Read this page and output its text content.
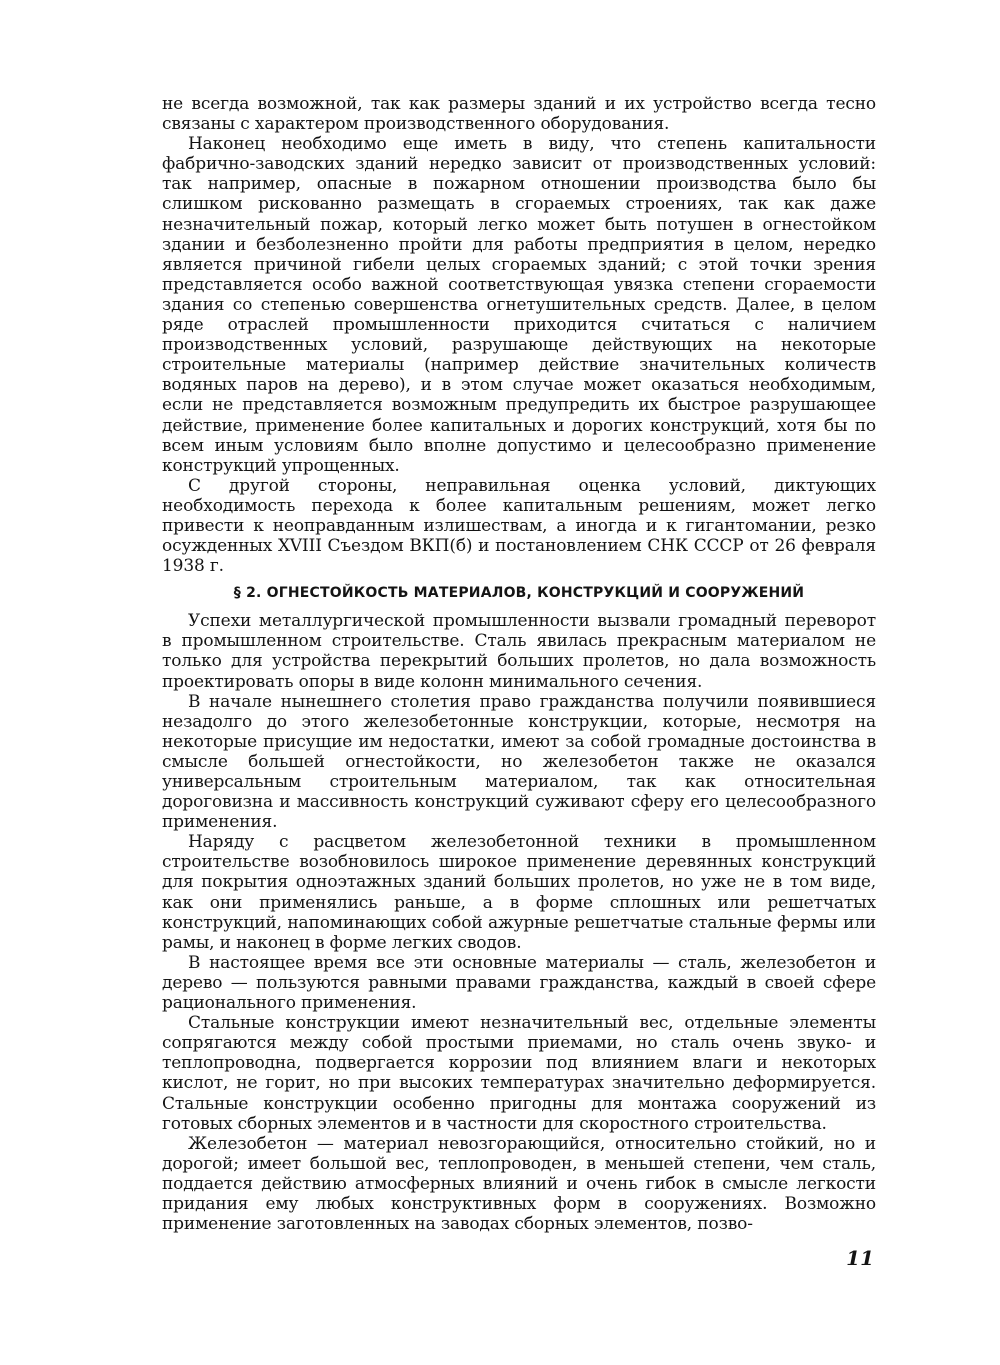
не всегда возможной, так как размеры зданий и их устройство всегда тесно связаны с характером производственного оборудования.

Наконец необходимо еще иметь в виду, что степень капитальности фабрично-заводских зданий нередко зависит от производственных условий: так например, опасные в пожарном отношении производства было бы слишком рискованно размещать в сгораемых строениях, так как даже незначительный пожар, который легко может быть потушен в огнестойком здании и безболезненно пройти для работы предприятия в целом, нередко является причиной гибели целых сгораемых зданий; с этой точки зрения представляется особо важной соответствующая увязка степени сгораемости здания со степенью совершенства огнетушительных средств. Далее, в целом ряде отраслей промышленности приходится считаться с наличием производственных условий, разрушающе действующих на некоторые строительные материалы (например действие значительных количеств водяных паров на дерево), и в этом случае может оказаться необходимым, если не представляется возможным предупредить их быстрое разрушающее действие, применение более капитальных и дорогих конструкций, хотя бы по всем иным условиям было вполне допустимо и целесообразно применение конструкций упрощенных.

С другой стороны, неправильная оценка условий, диктующих необходимость перехода к более капитальным решениям, может легко привести к неоправданным излишествам, а иногда и к гигантомании, резко осужденных XVIII Съездом ВКП(б) и постановлением СНК СССР от 26 февраля 1938 г.

§ 2. ОГНЕСТОЙКОСТЬ МАТЕРИАЛОВ, КОНСТРУКЦИЙ И СООРУЖЕНИЙ

Успехи металлургической промышленности вызвали громадный переворот в промышленном строительстве. Сталь явилась прекрасным материалом не только для устройства перекрытий больших пролетов, но дала возможность проектировать опоры в виде колонн минимального сечения.

В начале нынешнего столетия право гражданства получили появившиеся незадолго до этого железобетонные конструкции, которые, несмотря на некоторые присущие им недостатки, имеют за собой громадные достоинства в смысле большей огнестойкости, но железобетон также не оказался универсальным строительным материалом, так как относительная дороговизна и массивность конструкций суживают сферу его целесообразного применения.

Наряду с расцветом железобетонной техники в промышленном строительстве возобновилось широкое применение деревянных конструкций для покрытия одноэтажных зданий больших пролетов, но уже не в том виде, как они применялись раньше, а в форме сплошных или решетчатых конструкций, напоминающих собой ажурные решетчатые стальные фермы или рамы, и наконец в форме легких сводов.

В настоящее время все эти основные материалы — сталь, железобетон и дерево — пользуются равными правами гражданства, каждый в своей сфере рационального применения.

Стальные конструкции имеют незначительный вес, отдельные элементы сопрягаются между собой простыми приемами, но сталь очень звуко- и теплопроводна, подвергается коррозии под влиянием влаги и некоторых кислот, не горит, но при высоких температурах значительно деформируется. Стальные конструкции особенно пригодны для монтажа сооружений из готовых сборных элементов и в частности для скоростного строительства.

Железобетон — материал невозгорающийся, относительно стойкий, но и дорогой; имеет большой вес, теплопроводен, в меньшей степени, чем сталь, поддается действию атмосферных влияний и очень гибок в смысле легкости придания ему любых конструктивных форм в сооружениях. Возможно применение заготовленных на заводах сборных элементов, позво-

11
